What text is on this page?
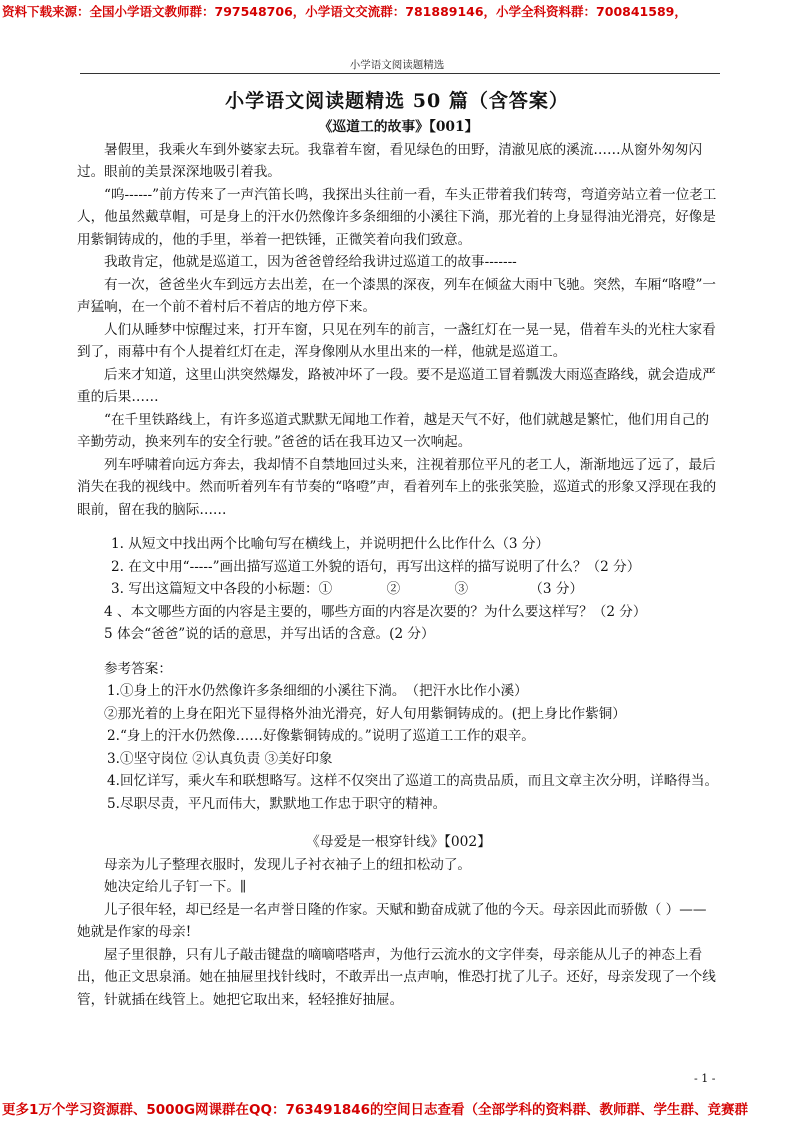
资料下载来源：全国小学语文教师群：797548706，小学语文交流群：781889146，小学全科资料群：700841589，
小学语文阅读题精选
小学语文阅读题精选 50 篇（含答案）

《巡道工的故事》【001】

暑假里，我乘火车到外婆家去玩。我靠着车窗，看见绿色的田野，清澈见底的溪流……从窗外匆匆闪过。眼前的美景深深地吸引着我。

“呜------”前方传来了一声汽笛长鸣，我探出头往前一看，车头正带着我们转弯，弯道旁站立着一位老工人，他虽然戴草帽，可是身上的汗水仍然像许多条细细的小溪往下淌，那光着的上身显得油光滑亮，好像是用紫铜铸成的，他的手里，举着一把铁锤，正微笑着向我们致意。

我敢肯定，他就是巡道工，因为爸爸曾经给我讲过巡道工的故事-------

有一次，爸爸坐火车到远方去出差，在一个漆黑的深夜，列车在倾盆大雨中飞驰。突然，车厢“咯噔”一声猛响，在一个前不着村后不着店的地方停下来。

人们从睡梦中惊醒过来，打开车窗，只见在列车的前言，一盏红灯在一晃一晃，借着车头的光柱大家看到了，雨幕中有个人提着红灯在走，浑身像刚从水里出来的一样，他就是巡道工。

后来才知道，这里山洪突然爆发，路被冲坏了一段。要不是巡道工冒着瓢泼大雨巡查路线，就会造成严重的后果……

“在千里铁路线上，有许多巡道式默默无闻地工作着，越是天气不好，他们就越是繁忙，他们用自己的辛勤劳动，换来列车的安全行驶。”爸爸的话在我耳边又一次响起。

列车呼啸着向远方奔去，我却情不自禁地回过头来，注视着那位平凡的老工人，渐渐地远了远了，最后消失在我的视线中。然而听着列车有节奏的“咯噔”声，看着列车上的张张笑脸，巡道式的形象又浮现在我的眼前，留在我的脑际……

1. 从短文中找出两个比喻句写在横线上，并说明把什么比作什么（3 分）

2. 在文中用“-----”画出描写巡道工外貌的语句，再写出这样的描写说明了什么？（2 分）

3. 写出这篇短文中各段的小标题：①　　　　②　　　　③　　　　　（3 分）

4 、本文哪些方面的内容是主要的，哪些方面的内容是次要的？为什么要这样写？（2 分）

5 体会“爸爸”说的话的意思，并写出话的含意。(2 分）

参考答案：

1.①身上的汗水仍然像许多条细细的小溪往下淌。　（把汗水比作小溪）

②那光着的上身在阳光下显得格外油光滑亮，好人旬用紫铜铸成的。(把上身比作紫铜）

2.“身上的汗水仍然像……好像紫铜铸成的。”说明了巡道工工作的艰辛。

3.①坚守岗位 ②认真负责 ③美好印象

4.回忆详写，乘火车和联想略写。这样不仅突出了巡道工的高贵品质，而且文章主次分明，详略得当。

5.尽职尽责，平凡而伟大，默默地工作忠于职守的精神。

《母爱是一根穿针线》【002】

母亲为儿子整理衣服时，发现儿子衬衣袖子上的纽扣松动了。

她决定给儿子钉一下。∥

儿子很年轻，却已经是一名声誉日隆的作家。天赋和勤奋成就了他的今天。母亲因此而骄傲（ ）——她就是作家的母亲!

屋子里很静，只有儿子敲击键盘的嘀嘀嗒嗒声，为他行云流水的文字伴奏，母亲能从儿子的神态上看出，他正文思泉涌。她在抽屉里找针线时，不敢弄出一点声响，惟恐打扰了儿子。还好，母亲发现了一个线管，针就插在线管上。她把它取出来，轻轻推好抽屉。

- 1 -
更多1万个学习资源群、5000G网课群在QQ：763491846的空间日志查看（全部学科的资料群、教师群、学生群、竞赛群
